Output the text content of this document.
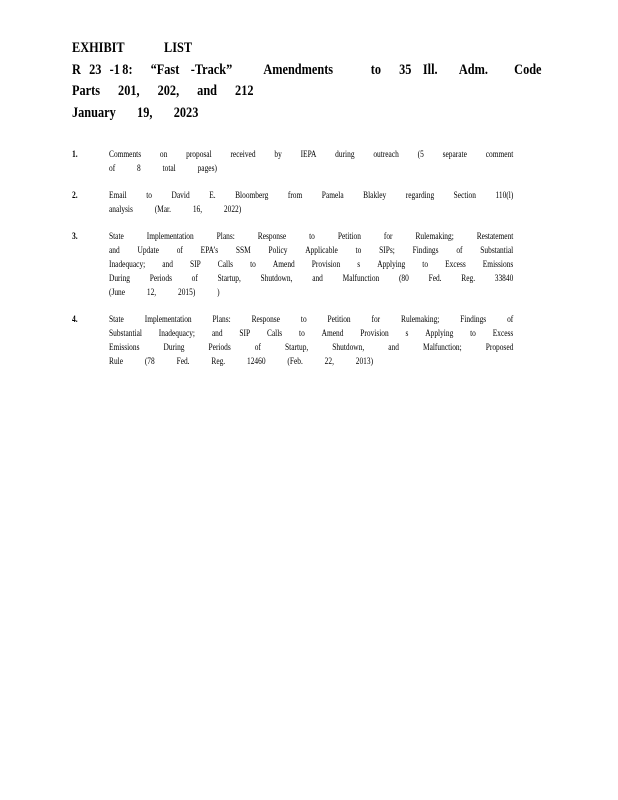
EXHIBIT	LIST
R 23 -1 8: “Fast -Track” Amendments	to 35 Ill. Adm. Code
Parts 201, 202, and 212
January 19, 2023
1.	Comments on proposal received by IEPA during outreach (5 separate comment
of 8 total pages)
2.	Email to David E. Bloomberg from Pamela Blakley regarding Section 110(l)
analysis (Mar. 16, 2022)
3.	State Implementation Plans: Response to Petition for Rulemaking; Restatement
and Update of EPA’s SSM Policy Applicable to SIPs; Findings of Substantial
Inadequacy; and SIP Calls to Amend Provision s Applying to Excess Emissions
During Periods of Startup, Shutdown, and Malfunction (80 Fed. Reg. 33840
(June 12, 2015) )
4.	State Implementation Plans: Response to Petition for Rulemaking; Findings of
Substantial Inadequacy; and SIP Calls to Amend Provision s Applying to Excess
Emissions	During	Periods	of	Startup,	Shutdown,	and	Malfunction;	Proposed
Rule (78 Fed. Reg. 12460 (Feb. 22, 2013)
